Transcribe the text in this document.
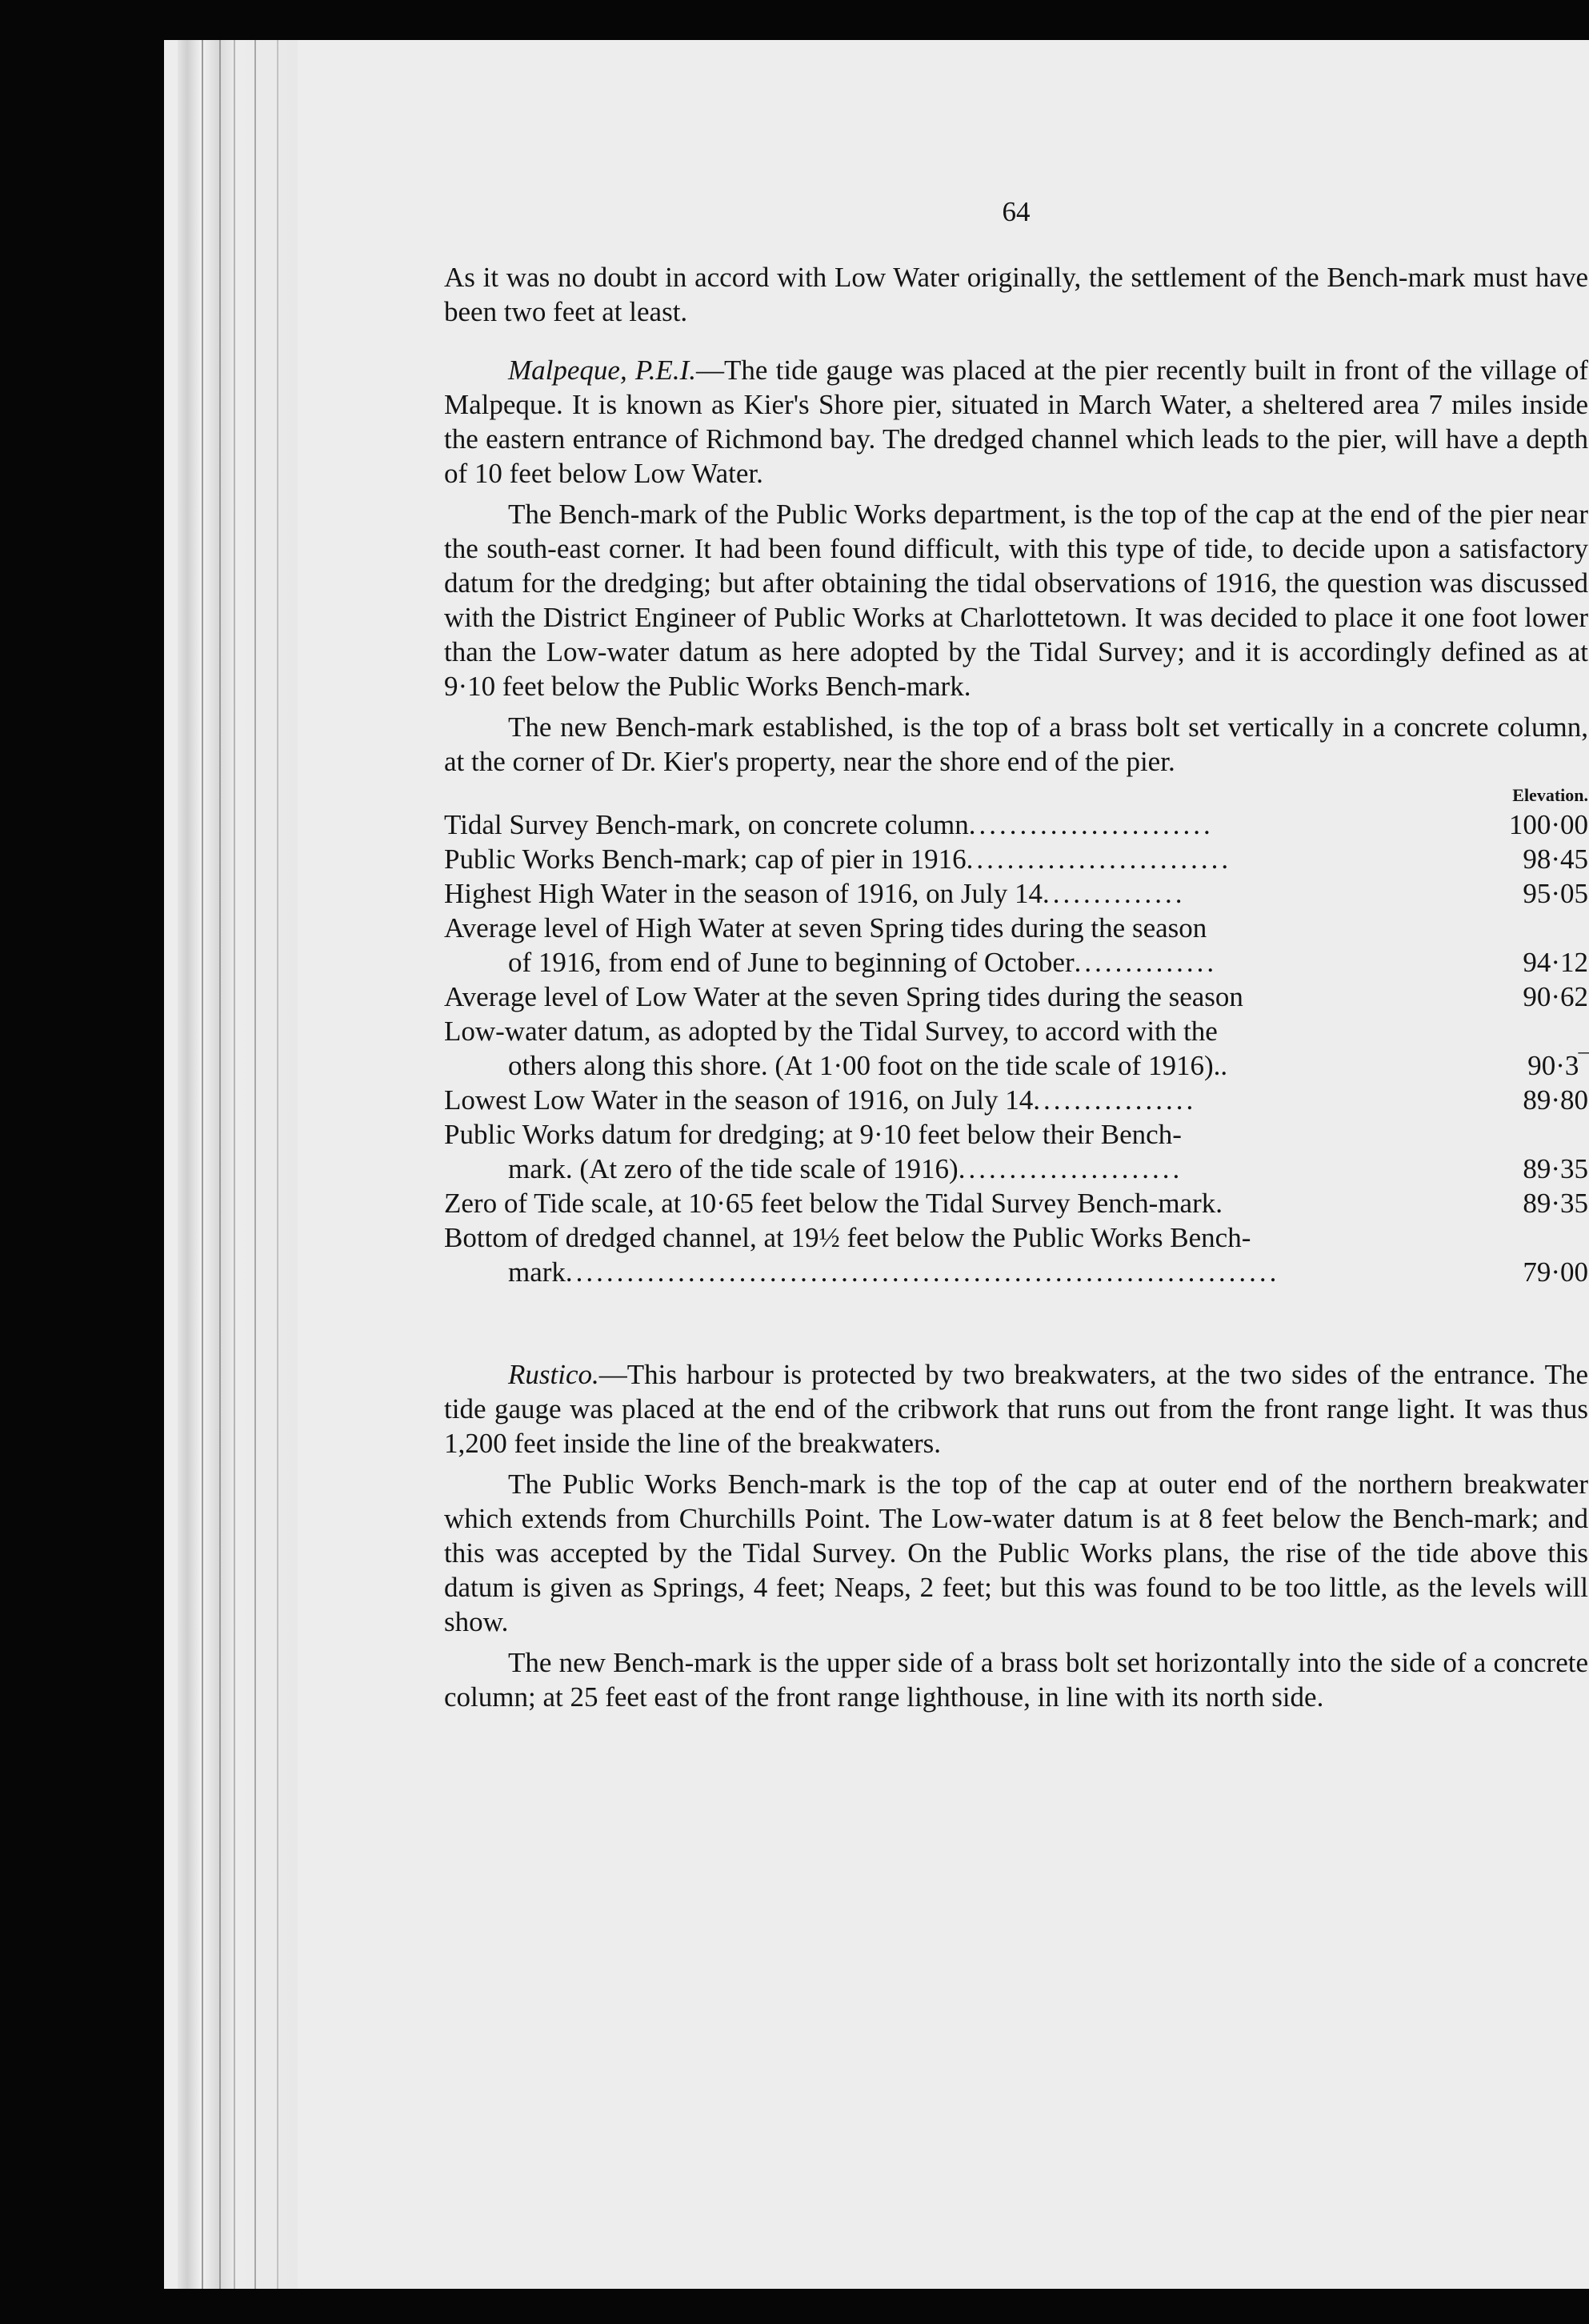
64

As it was no doubt in accord with Low Water originally, the settlement of the Bench-mark must have been two feet at least.

Malpeque, P.E.I.—The tide gauge was placed at the pier recently built in front of the village of Malpeque. It is known as Kier's Shore pier, situated in March Water, a sheltered area 7 miles inside the eastern entrance of Richmond bay. The dredged channel which leads to the pier, will have a depth of 10 feet below Low Water.

The Bench-mark of the Public Works department, is the top of the cap at the end of the pier near the south-east corner. It had been found difficult, with this type of tide, to decide upon a satisfactory datum for the dredging; but after obtaining the tidal observations of 1916, the question was discussed with the District Engineer of Public Works at Charlottetown. It was decided to place it one foot lower than the Low-water datum as here adopted by the Tidal Survey; and it is accordingly defined as at 9·10 feet below the Public Works Bench-mark.

The new Bench-mark established, is the top of a brass bolt set vertically in a concrete column, at the corner of Dr. Kier's property, near the shore end of the pier.

Elevation.
Tidal Survey Bench-mark, on concrete column........................	100·00
Public Works Bench-mark; cap of pier in 1916..........................	98·45
Highest High Water in the season of 1916, on July 14..............	95·05
Average level of High Water at seven Spring tides during the season
of 1916, from end of June to beginning of October..............	94·12
Average level of Low Water at the seven Spring tides during the season	90·62
Low-water datum, as adopted by the Tidal Survey, to accord with the
others along this shore. (At 1·00 foot on the tide scale of 1916)..	90·3‾
Lowest Low Water in the season of 1916, on July 14................	89·80
Public Works datum for dredging; at 9·10 feet below their Bench-
mark. (At zero of the tide scale of 1916)......................	89·35
Zero of Tide scale, at 10·65 feet below the Tidal Survey Bench-mark.	89·35
Bottom of dredged channel, at 19½ feet below the Public Works Bench-
mark......................................................................	79·00

Rustico.—This harbour is protected by two breakwaters, at the two sides of the entrance. The tide gauge was placed at the end of the cribwork that runs out from the front range light. It was thus 1,200 feet inside the line of the breakwaters.

The Public Works Bench-mark is the top of the cap at outer end of the northern breakwater which extends from Churchills Point. The Low-water datum is at 8 feet below the Bench-mark; and this was accepted by the Tidal Survey. On the Public Works plans, the rise of the tide above this datum is given as Springs, 4 feet; Neaps, 2 feet; but this was found to be too little, as the levels will show.

The new Bench-mark is the upper side of a brass bolt set horizontally into the side of a concrete column; at 25 feet east of the front range lighthouse, in line with its north side.
